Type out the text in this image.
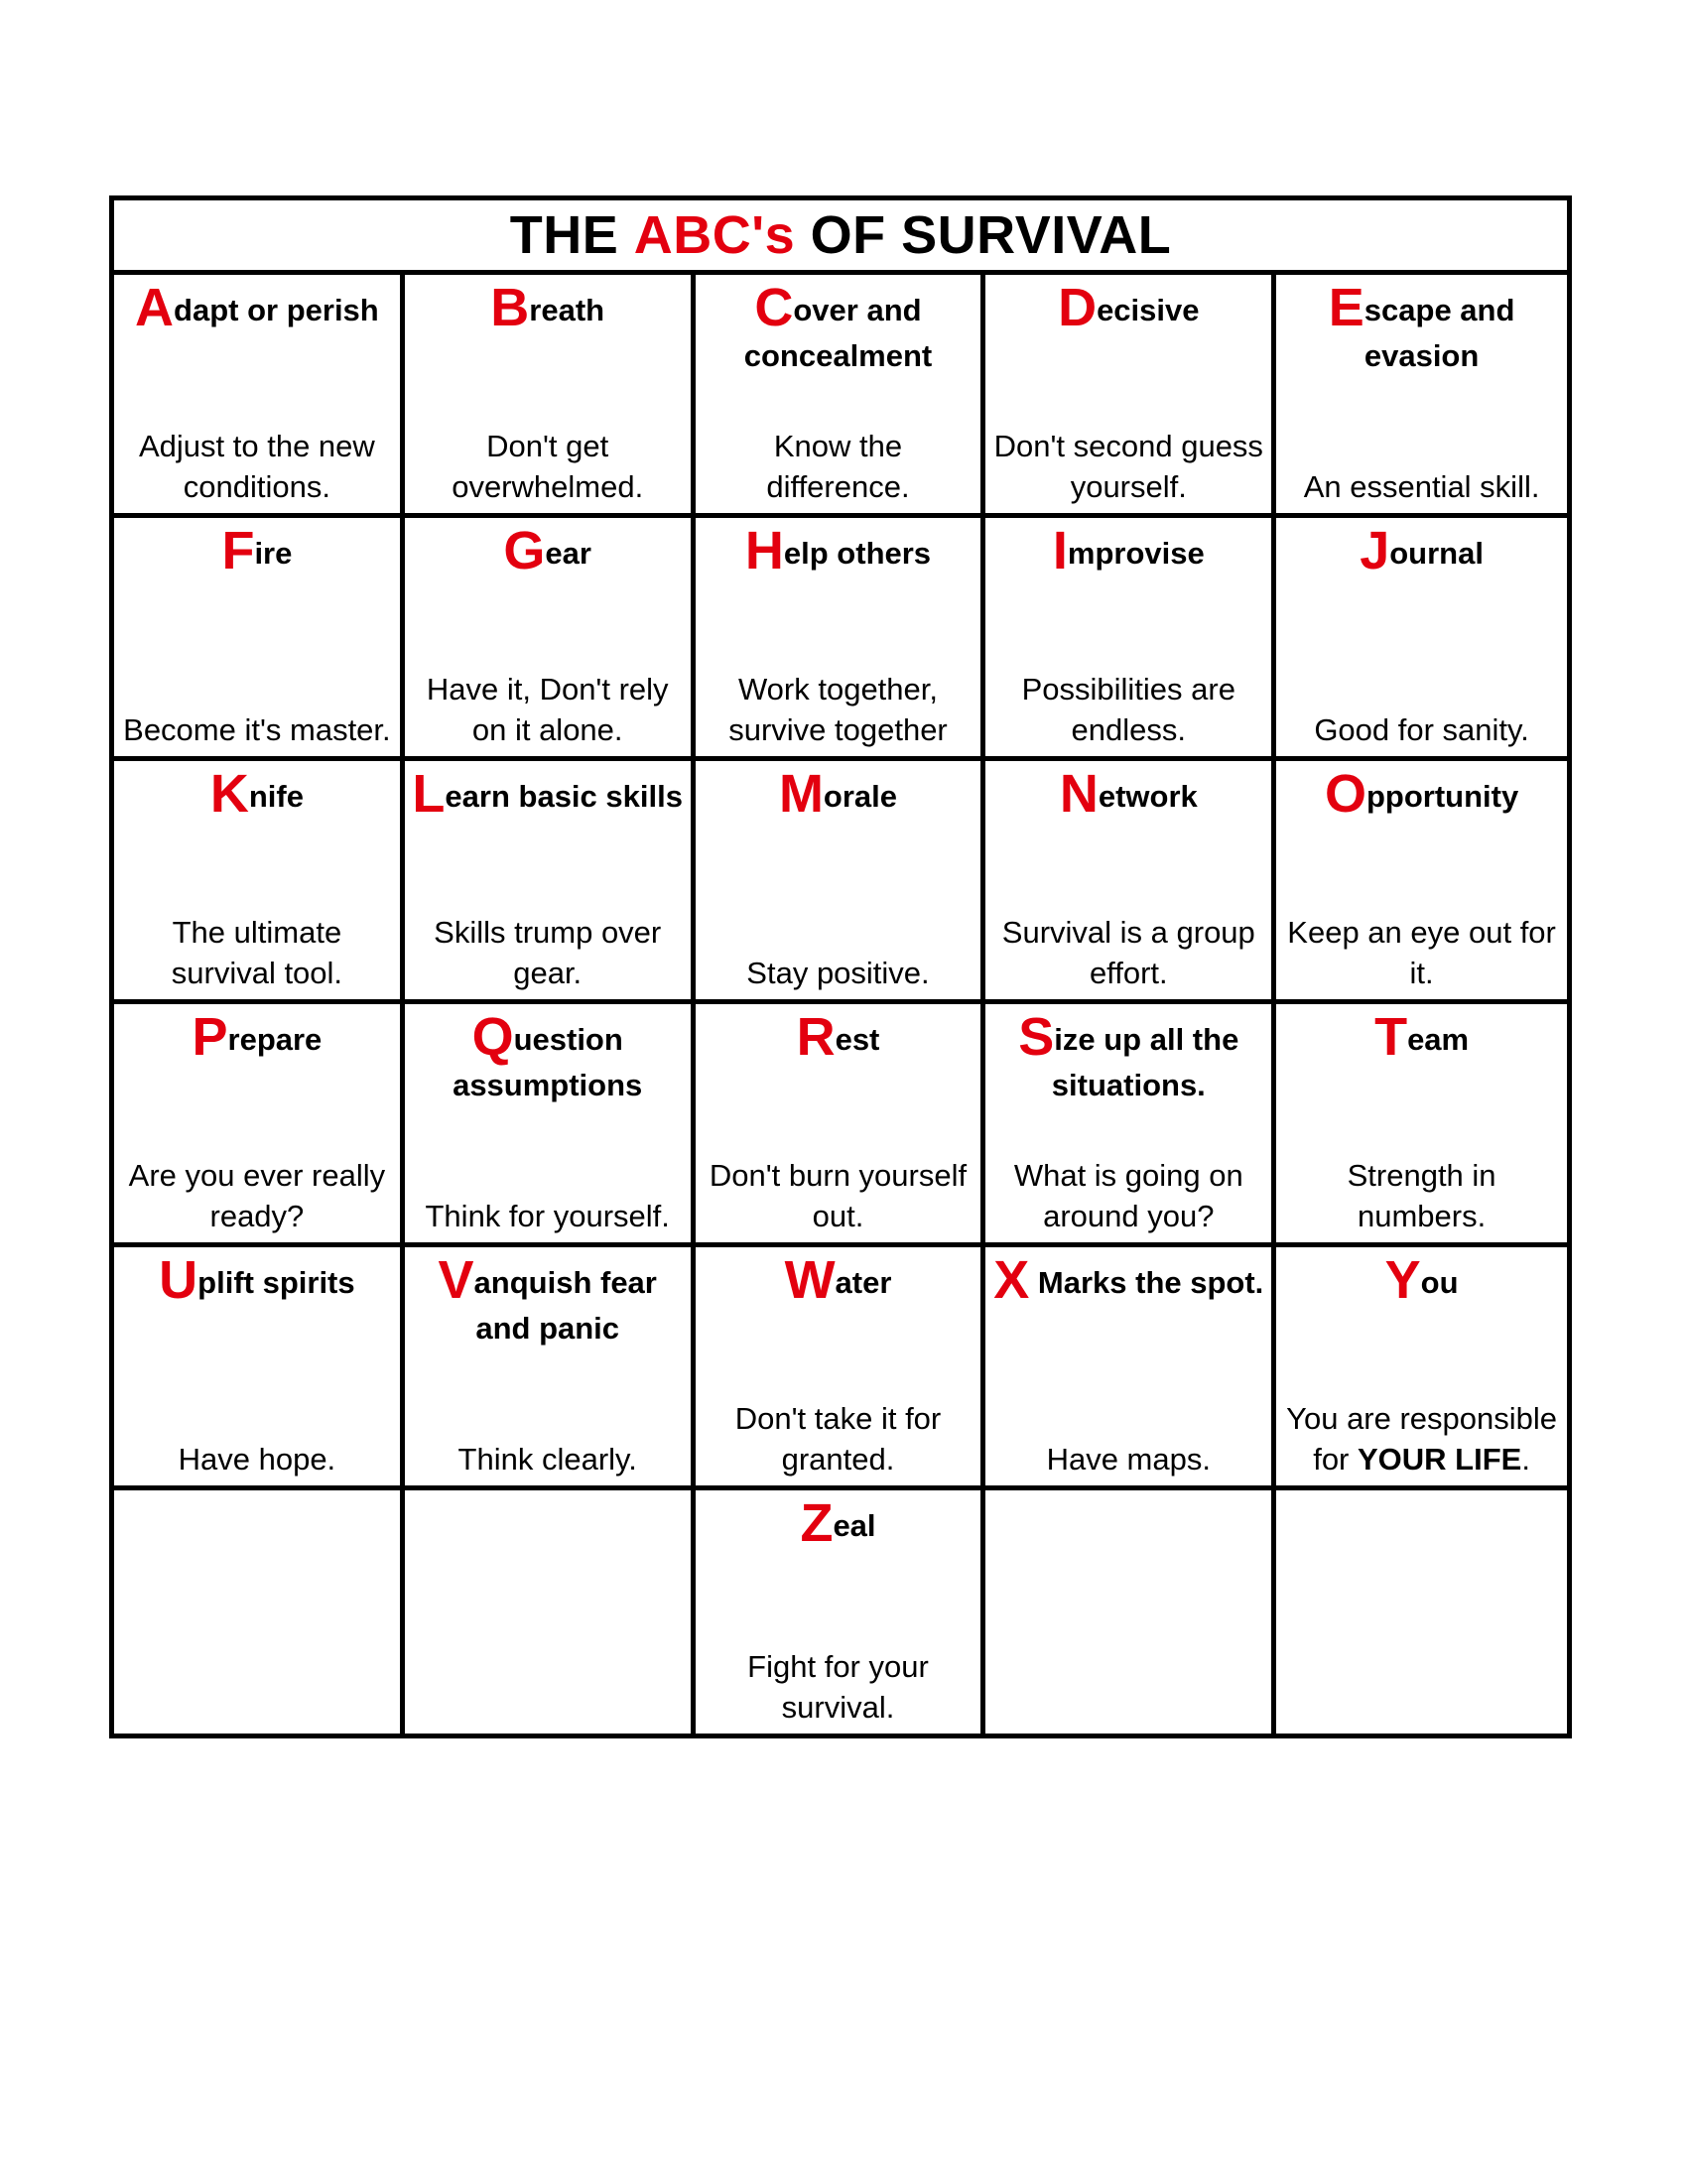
THE ABC's OF SURVIVAL
Adapt or perish
Adjust to the new conditions.
Breath
Don't get overwhelmed.
Cover and concealment
Know the difference.
Decisive
Don't second guess yourself.
Escape and evasion
An essential skill.
Fire
Become it's master.
Gear
Have it, Don't rely on it alone.
Help others
Work together, survive together
Improvise
Possibilities are endless.
Journal
Good for sanity.
Knife
The ultimate survival tool.
Learn basic skills
Skills trump over gear.
Morale
Stay positive.
Network
Survival is a group effort.
Opportunity
Keep an eye out for it.
Prepare
Are you ever really ready?
Question assumptions
Think for yourself.
Rest
Don't burn yourself out.
Size up all the situations.
What is going on around you?
Team
Strength in numbers.
Uplift spirits
Have hope.
Vanquish fear and panic
Think clearly.
Water
Don't take it for granted.
X Marks the spot.
Have maps.
You
You are responsible for YOUR LIFE.
Zeal
Fight for your survival.
